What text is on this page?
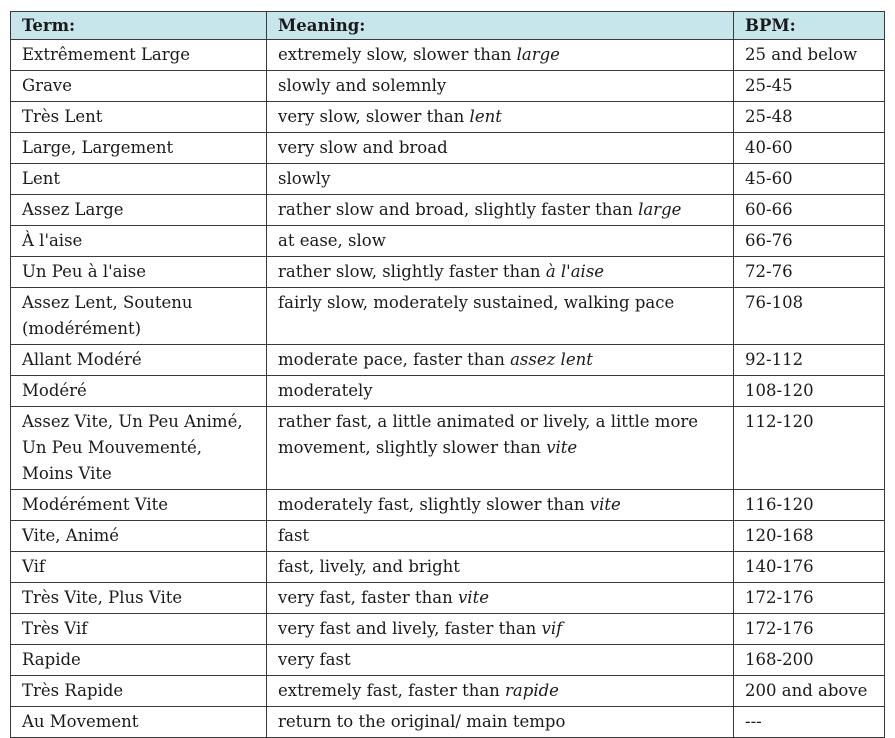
Term:	Meaning:	BPM:
Extrêmement Large	extremely slow, slower than large	25 and below
Grave	slowly and solemnly	25-45
Très Lent	very slow, slower than lent	25-48
Large, Largement	very slow and broad	40-60
Lent	slowly	45-60
Assez Large	rather slow and broad, slightly faster than large	60-66
À l'aise	at ease, slow	66-76
Un Peu à l'aise	rather slow, slightly faster than à l'aise	72-76
Assez Lent, Soutenu (modérément)	fairly slow, moderately sustained, walking pace	76-108
Allant Modéré	moderate pace, faster than assez lent	92-112
Modéré	moderately	108-120
Assez Vite, Un Peu Animé, Un Peu Mouvementé, Moins Vite	rather fast, a little animated or lively, a little more movement, slightly slower than vite	112-120
Modérément Vite	moderately fast, slightly slower than vite	116-120
Vite, Animé	fast	120-168
Vif	fast, lively, and bright	140-176
Très Vite, Plus Vite	very fast, faster than vite	172-176
Très Vif	very fast and lively, faster than vif	172-176
Rapide	very fast	168-200
Très Rapide	extremely fast, faster than rapide	200 and above
Au Movement	return to the original/ main tempo	---
